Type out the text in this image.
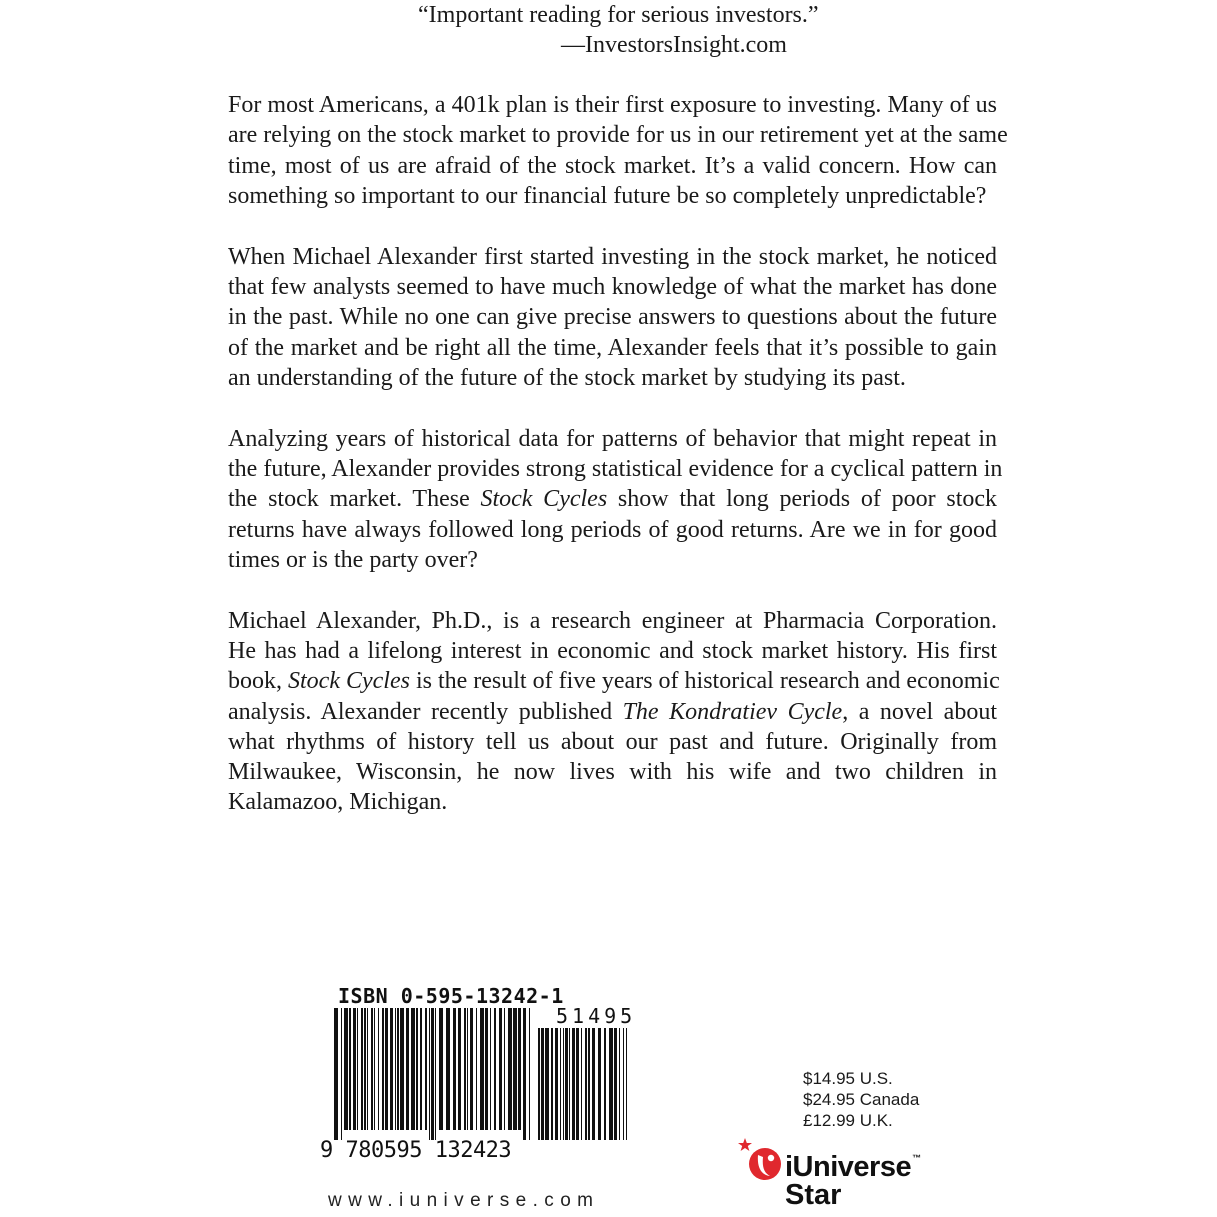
“Important reading for serious investors.”
—InvestorsInsight.com
For most Americans, a 401k plan is their first exposure to investing. Many of us
are relying on the stock market to provide for us in our retirement yet at the same
time, most of us are afraid of the stock market. It’s a valid concern. How can
something so important to our financial future be so completely unpredictable?
When Michael Alexander first started investing in the stock market, he noticed
that few analysts seemed to have much knowledge of what the market has done
in the past. While no one can give precise answers to questions about the future
of the market and be right all the time, Alexander feels that it’s possible to gain
an understanding of the future of the stock market by studying its past.
Analyzing years of historical data for patterns of behavior that might repeat in
the future, Alexander provides strong statistical evidence for a cyclical pattern in
the stock market. These Stock Cycles show that long periods of poor stock
returns have always followed long periods of good returns. Are we in for good
times or is the party over?
Michael Alexander, Ph.D., is a research engineer at Pharmacia Corporation.
He has had a lifelong interest in economic and stock market history. His first
book, Stock Cycles is the result of five years of historical research and economic
analysis. Alexander recently published The Kondratiev Cycle, a novel about
what rhythms of history tell us about our past and future. Originally from
Milwaukee, Wisconsin, he now lives with his wife and two children in
Kalamazoo, Michigan.
ISBN 0-595-13242-1
51495
9 780595 132423
www.iuniverse.com
$14.95 U.S.
$24.95 Canada
£12.99 U.K.
iUniverse™
Star
